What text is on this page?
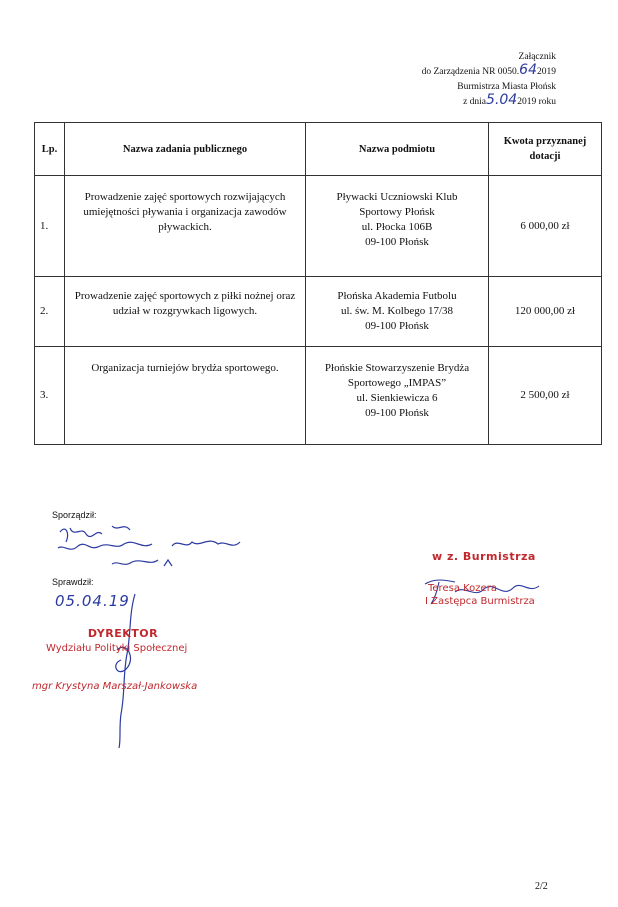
Załącznik
do Zarządzenia NR 0050.642019
Burmistrza Miasta Płońsk
z dnia5.042019 roku
Lp.	Nazwa zadania publicznego	Nazwa podmiotu	Kwota przyznanej dotacji
1.	Prowadzenie zajęć sportowych rozwijających umiejętności pływania i organizacja zawodów pływackich.	Pływacki Uczniowski Klub
Sportowy Płońsk
ul. Płocka 106B
09-100 Płońsk	6 000,00 zł
2.	Prowadzenie zajęć sportowych z piłki nożnej oraz udział w rozgrywkach ligowych.	Płońska Akademia Futbolu
ul. św. M. Kolbego 17/38
09-100 Płońsk	120 000,00 zł
3.	Organizacja turniejów brydża sportowego.	Płońskie Stowarzyszenie Brydża
Sportowego „IMPAS”
ul. Sienkiewicza 6
09-100 Płońsk	2 500,00 zł
Sporządził:
Sprawdził:
05.04.19
DYREKTOR
Wydziału Polityki Społecznej
mgr Krystyna Marszał-Jankowska
w z. Burmistrza
Teresa Kozera
I Zastępca Burmistrza
2/2
